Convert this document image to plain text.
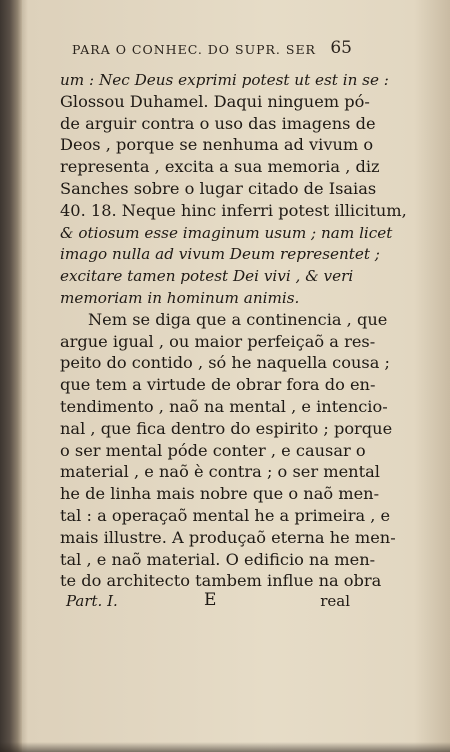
PARA O CONHEC. DO SUPR. SER 65
um : Nec Deus exprimi potest ut est in se :
Glossou Duhamel. Daqui ninguem pó-
de arguir contra o uso das imagens de
Deos , porque se nenhuma ad vivum o
representa , excita a sua memoria , diz
Sanches sobre o lugar citado de Isaias
40. 18. Neque hinc inferri potest illicitum,
& otiosum esse imaginum usum ; nam licet
imago nulla ad vivum Deum representet ;
excitare tamen potest Dei vivi , & veri
memoriam in hominum animis.
Nem se diga que a continencia , que
argue igual , ou maior perfeiçaõ a res-
peito do contido , só he naquella cousa ;
que tem a virtude de obrar fora do en-
tendimento , naõ na mental , e intencio-
nal , que fica dentro do espirito ; porque
o ser mental póde conter , e causar o
material , e naõ è contra ; o ser mental
he de linha mais nobre que o naõ men-
tal : a operaçaõ mental he a primeira , e
mais illustre. A produçaõ eterna he men-
tal , e naõ material. O edificio na men-
te do architecto tambem influe na obra
Part. I.	E	real
